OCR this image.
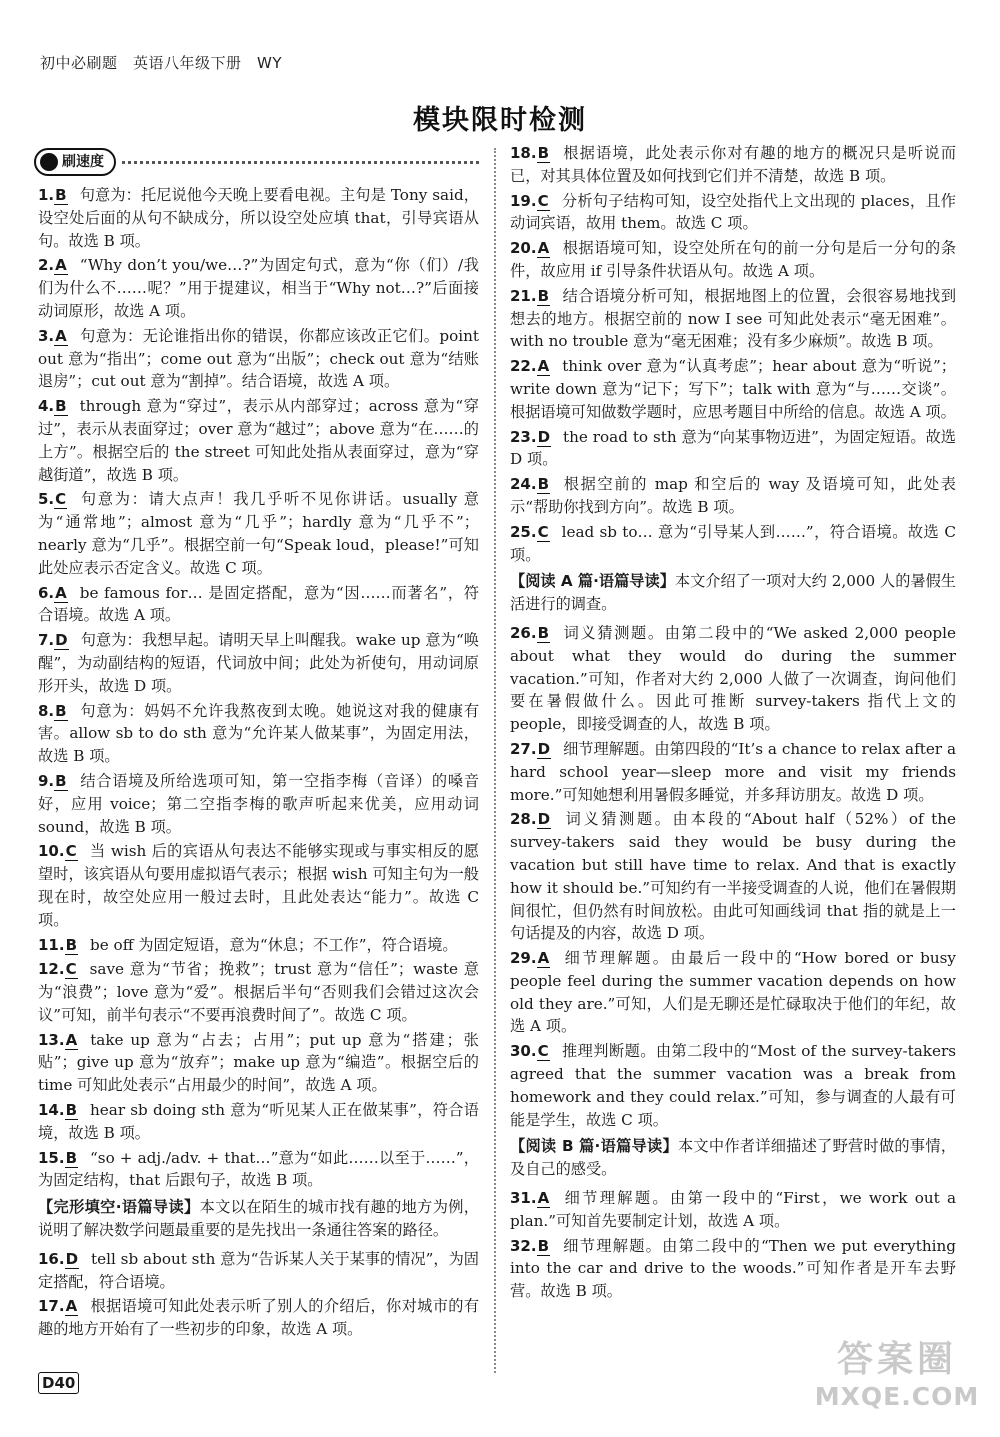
初中必刷题　英语八年级下册　WY
模块限时检测
刷速度
1.B 句意为：托尼说他今天晚上要看电视。主句是 Tony said，设空处后面的从句不缺成分，所以设空处应填 that，引导宾语从句。故选 B 项。
2.A “Why don’t you/we…?”为固定句式，意为“你（们）/我们为什么不……呢？”用于提建议，相当于“Why not…?”后面接动词原形，故选 A 项。
3.A 句意为：无论谁指出你的错误，你都应该改正它们。point out 意为“指出”；come out 意为“出版”；check out 意为“结账退房”；cut out 意为“割掉”。结合语境，故选 A 项。
4.B through 意为“穿过”，表示从内部穿过；across 意为“穿过”，表示从表面穿过；over 意为“越过”；above 意为“在……的上方”。根据空后的 the street 可知此处指从表面穿过，意为“穿越街道”，故选 B 项。
5.C 句意为：请大点声！我几乎听不见你讲话。usually 意为“通常地”；almost 意为“几乎”；hardly 意为“几乎不”；nearly 意为“几乎”。根据空前一句“Speak loud，please!”可知此处应表示否定含义。故选 C 项。
6.A be famous for… 是固定搭配，意为“因……而著名”，符合语境。故选 A 项。
7.D 句意为：我想早起。请明天早上叫醒我。wake up 意为“唤醒”，为动副结构的短语，代词放中间；此处为祈使句，用动词原形开头，故选 D 项。
8.B 句意为：妈妈不允许我熬夜到太晚。她说这对我的健康有害。allow sb to do sth 意为“允许某人做某事”，为固定用法，故选 B 项。
9.B 结合语境及所给选项可知，第一空指李梅（音译）的嗓音好，应用 voice；第二空指李梅的歌声听起来优美，应用动词 sound，故选 B 项。
10.C 当 wish 后的宾语从句表达不能够实现或与事实相反的愿望时，该宾语从句要用虚拟语气表示；根据 wish 可知主句为一般现在时，故空处应用一般过去时，且此处表达“能力”。故选 C 项。
11.B be off 为固定短语，意为“休息；不工作”，符合语境。
12.C save 意为“节省；挽救”；trust 意为“信任”；waste 意为“浪费”；love 意为“爱”。根据后半句“否则我们会错过这次会议”可知，前半句表示“不要再浪费时间了”。故选 C 项。
13.A take up 意为“占去；占用”；put up 意为“搭建；张贴”；give up 意为“放弃”；make up 意为“编造”。根据空后的 time 可知此处表示“占用最少的时间”，故选 A 项。
14.B hear sb doing sth 意为“听见某人正在做某事”，符合语境，故选 B 项。
15.B “so + adj./adv. + that…”意为“如此……以至于……”，为固定结构，that 后跟句子，故选 B 项。
【完形填空·语篇导读】本文以在陌生的城市找有趣的地方为例，说明了解决数学问题最重要的是先找出一条通往答案的路径。
16.D tell sb about sth 意为“告诉某人关于某事的情况”，为固定搭配，符合语境。
17.A 根据语境可知此处表示听了别人的介绍后，你对城市的有趣的地方开始有了一些初步的印象，故选 A 项。
18.B 根据语境，此处表示你对有趣的地方的概况只是听说而已，对其具体位置及如何找到它们并不清楚，故选 B 项。
19.C 分析句子结构可知，设空处指代上文出现的 places，且作动词宾语，故用 them。故选 C 项。
20.A 根据语境可知，设空处所在句的前一分句是后一分句的条件，故应用 if 引导条件状语从句。故选 A 项。
21.B 结合语境分析可知，根据地图上的位置，会很容易地找到想去的地方。根据空前的 now I see 可知此处表示“毫无困难”。with no trouble 意为“毫无困难；没有多少麻烦”。故选 B 项。
22.A think over 意为“认真考虑”；hear about 意为“听说”；write down 意为“记下；写下”；talk with 意为“与……交谈”。根据语境可知做数学题时，应思考题目中所给的信息。故选 A 项。
23.D the road to sth 意为“向某事物迈进”，为固定短语。故选 D 项。
24.B 根据空前的 map 和空后的 way 及语境可知，此处表示“帮助你找到方向”。故选 B 项。
25.C lead sb to… 意为“引导某人到……”，符合语境。故选 C 项。
【阅读 A 篇·语篇导读】本文介绍了一项对大约 2,000 人的暑假生活进行的调查。
26.B 词义猜测题。由第二段中的“We asked 2,000 people about what they would do during the summer vacation.”可知，作者对大约 2,000 人做了一次调查，询问他们要在暑假做什么。因此可推断 survey-takers 指代上文的 people，即接受调查的人，故选 B 项。
27.D 细节理解题。由第四段的“It’s a chance to relax after a hard school year—sleep more and visit my friends more.”可知她想利用暑假多睡觉，并多拜访朋友。故选 D 项。
28.D 词义猜测题。由本段的“About half（52%）of the survey-takers said they would be busy during the vacation but still have time to relax. And that is exactly how it should be.”可知约有一半接受调查的人说，他们在暑假期间很忙，但仍然有时间放松。由此可知画线词 that 指的就是上一句话提及的内容，故选 D 项。
29.A 细节理解题。由最后一段中的“How bored or busy people feel during the summer vacation depends on how old they are.”可知，人们是无聊还是忙碌取决于他们的年纪，故选 A 项。
30.C 推理判断题。由第二段中的“Most of the survey-takers agreed that the summer vacation was a break from homework and they could relax.”可知，参与调查的人最有可能是学生，故选 C 项。
【阅读 B 篇·语篇导读】本文中作者详细描述了野营时做的事情，及自己的感受。
31.A 细节理解题。由第一段中的“First，we work out a plan.”可知首先要制定计划，故选 A 项。
32.B 细节理解题。由第二段中的“Then we put everything into the car and drive to the woods.”可知作者是开车去野营。故选 B 项。
D40
答案圈
MXQE.COM
